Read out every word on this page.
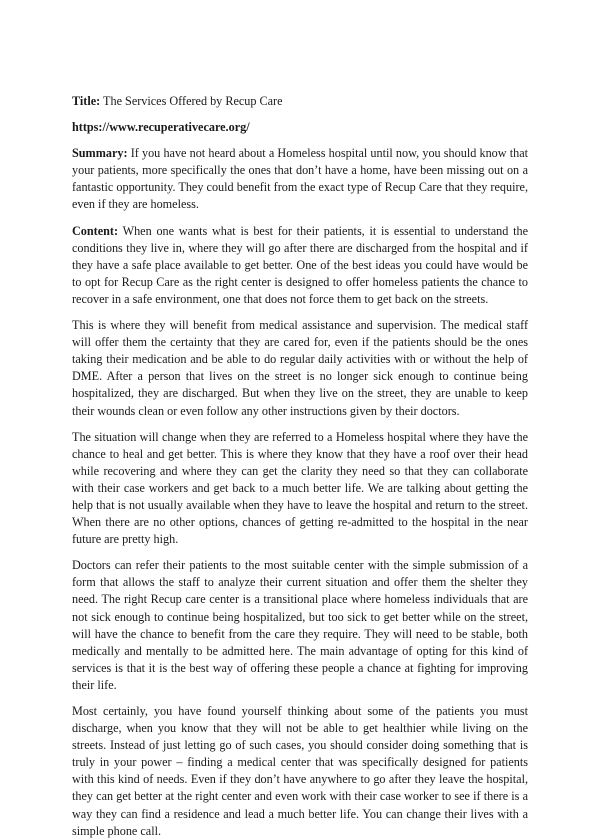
Title: The Services Offered by Recup Care

https://www.recuperativecare.org/

Summary: If you have not heard about a Homeless hospital until now, you should know that your patients, more specifically the ones that don’t have a home, have been missing out on a fantastic opportunity. They could benefit from the exact type of Recup Care that they require, even if they are homeless.

Content: When one wants what is best for their patients, it is essential to understand the conditions they live in, where they will go after there are discharged from the hospital and if they have a safe place available to get better. One of the best ideas you could have would be to opt for Recup Care as the right center is designed to offer homeless patients the chance to recover in a safe environment, one that does not force them to get back on the streets.

This is where they will benefit from medical assistance and supervision. The medical staff will offer them the certainty that they are cared for, even if the patients should be the ones taking their medication and be able to do regular daily activities with or without the help of DME. After a person that lives on the street is no longer sick enough to continue being hospitalized, they are discharged. But when they live on the street, they are unable to keep their wounds clean or even follow any other instructions given by their doctors.

The situation will change when they are referred to a Homeless hospital where they have the chance to heal and get better. This is where they know that they have a roof over their head while recovering and where they can get the clarity they need so that they can collaborate with their case workers and get back to a much better life. We are talking about getting the help that is not usually available when they have to leave the hospital and return to the street. When there are no other options, chances of getting re-admitted to the hospital in the near future are pretty high.

Doctors can refer their patients to the most suitable center with the simple submission of a form that allows the staff to analyze their current situation and offer them the shelter they need. The right Recup care center is a transitional place where homeless individuals that are not sick enough to continue being hospitalized, but too sick to get better while on the street, will have the chance to benefit from the care they require. They will need to be stable, both medically and mentally to be admitted here. The main advantage of opting for this kind of services is that it is the best way of offering these people a chance at fighting for improving their life.

Most certainly, you have found yourself thinking about some of the patients you must discharge, when you know that they will not be able to get healthier while living on the streets. Instead of just letting go of such cases, you should consider doing something that is truly in your power – finding a medical center that was specifically designed for patients with this kind of needs. Even if they don’t have anywhere to go after they leave the hospital, they can get better at the right center and even work with their case worker to see if there is a way they can find a residence and lead a much better life. You can change their lives with a simple phone call.
